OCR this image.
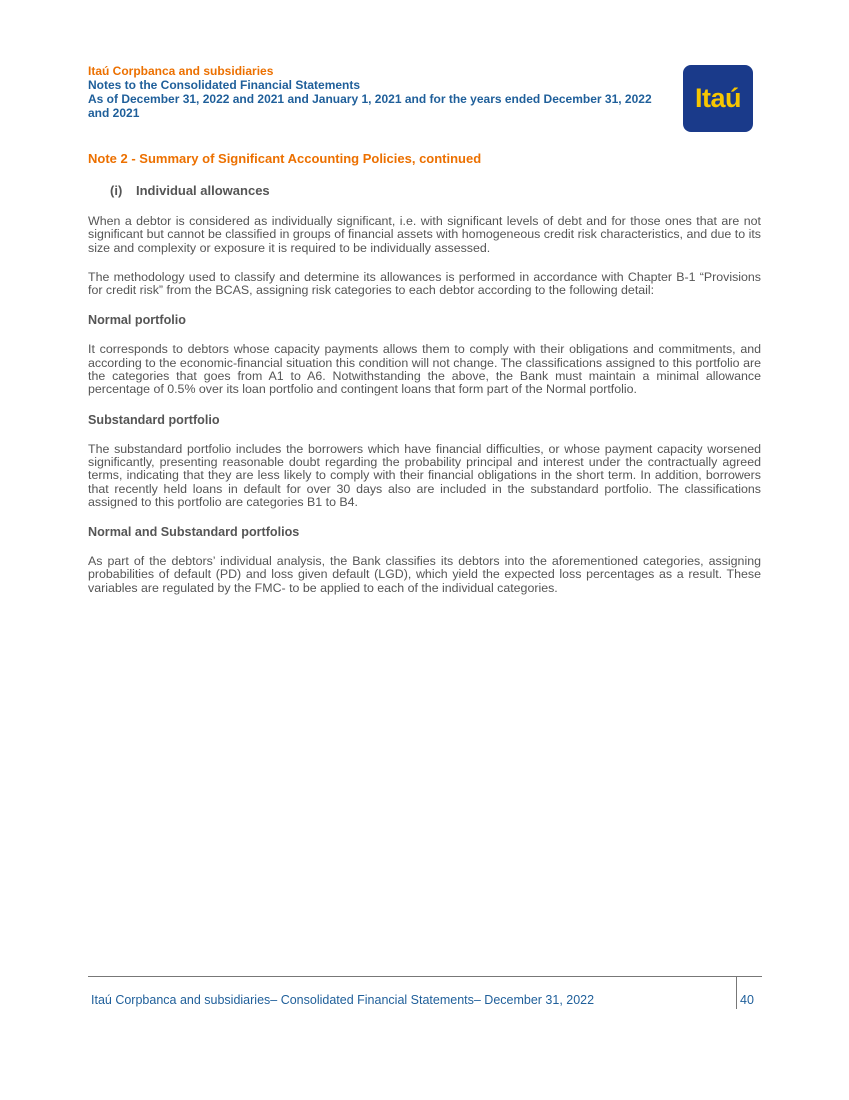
Itaú Corpbanca and subsidiaries
Notes to the Consolidated Financial Statements
As of December 31, 2022 and 2021 and January 1, 2021 and for the years ended December 31, 2022
and 2021	Itaú
Note 2 - Summary of Significant Accounting Policies, continued
(i) Individual allowances

When a debtor is considered as individually significant, i.e. with significant levels of debt and for those ones that are not significant but cannot be classified in groups of financial assets with homogeneous credit risk characteristics, and due to its size and complexity or exposure it is required to be individually assessed.

The methodology used to classify and determine its allowances is performed in accordance with Chapter B-1 “Provisions for credit risk” from the BCAS, assigning risk categories to each debtor according to the following detail:

Normal portfolio

It corresponds to debtors whose capacity payments allows them to comply with their obligations and commitments, and according to the economic-financial situation this condition will not change. The classifications assigned to this portfolio are the categories that goes from A1 to A6. Notwithstanding the above, the Bank must maintain a minimal allowance percentage of 0.5% over its loan portfolio and contingent loans that form part of the Normal portfolio.

Substandard portfolio

The substandard portfolio includes the borrowers which have financial difficulties, or whose payment capacity worsened significantly, presenting reasonable doubt regarding the probability principal and interest under the contractually agreed terms, indicating that they are less likely to comply with their financial obligations in the short term. In addition, borrowers that recently held loans in default for over 30 days also are included in the substandard portfolio. The classifications assigned to this portfolio are categories B1 to B4.

Normal and Substandard portfolios

As part of the debtors’ individual analysis, the Bank classifies its debtors into the aforementioned categories, assigning probabilities of default (PD) and loss given default (LGD), which yield the expected loss percentages as a result. These variables are regulated by the FMC- to be applied to each of the individual categories.

Itaú Corpbanca and subsidiaries– Consolidated Financial Statements– December 31, 2022	40
